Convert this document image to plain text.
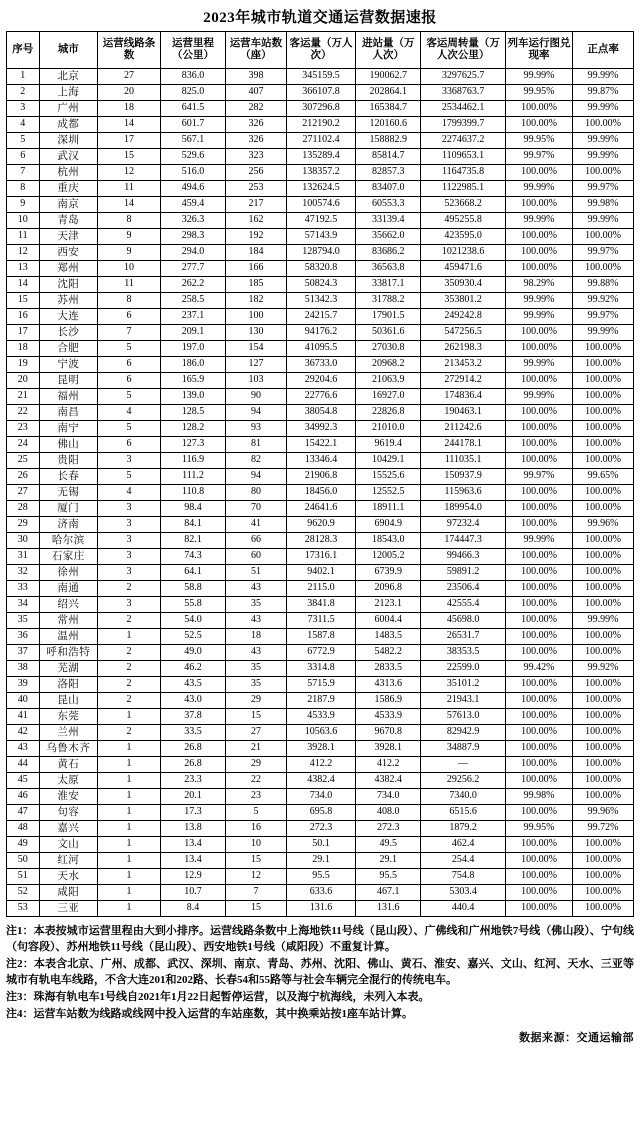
2023年城市轨道交通运营数据速报
序号	城市	运营线路条数	运营里程（公里）	运营车站数（座）	客运量（万人次）	进站量（万人次）	客运周转量（万人次公里）	列车运行图兑现率	正点率
1	北京	27	836.0	398	345159.5	190062.7	3297625.7	99.99%	99.99%
2	上海	20	825.0	407	366107.8	202864.1	3368763.7	99.95%	99.87%
3	广州	18	641.5	282	307296.8	165384.7	2534462.1	100.00%	99.99%
4	成都	14	601.7	326	212190.2	120160.6	1799399.7	100.00%	100.00%
5	深圳	17	567.1	326	271102.4	158882.9	2274637.2	99.95%	99.99%
6	武汉	15	529.6	323	135289.4	85814.7	1109653.1	99.97%	99.99%
7	杭州	12	516.0	256	138357.2	82857.3	1164735.8	100.00%	100.00%
8	重庆	11	494.6	253	132624.5	83407.0	1122985.1	99.99%	99.97%
9	南京	14	459.4	217	100574.6	60553.3	523668.2	100.00%	99.98%
10	青岛	8	326.3	162	47192.5	33139.4	495255.8	99.99%	99.99%
11	天津	9	298.3	192	57143.9	35662.0	423595.0	100.00%	100.00%
12	西安	9	294.0	184	128794.0	83686.2	1021238.6	100.00%	99.97%
13	郑州	10	277.7	166	58320.8	36563.8	459471.6	100.00%	100.00%
14	沈阳	11	262.2	185	50824.3	33817.1	350930.4	98.29%	99.88%
15	苏州	8	258.5	182	51342.3	31788.2	353801.2	99.99%	99.92%
16	大连	6	237.1	100	24215.7	17901.5	249242.8	99.99%	99.97%
17	长沙	7	209.1	130	94176.2	50361.6	547256.5	100.00%	99.99%
18	合肥	5	197.0	154	41095.5	27030.8	262198.3	100.00%	100.00%
19	宁波	6	186.0	127	36733.0	20968.2	213453.2	99.99%	100.00%
20	昆明	6	165.9	103	29204.6	21063.9	272914.2	100.00%	100.00%
21	福州	5	139.0	90	22776.6	16927.0	174836.4	99.99%	100.00%
22	南昌	4	128.5	94	38054.8	22826.8	190463.1	100.00%	100.00%
23	南宁	5	128.2	93	34992.3	21010.0	211242.6	100.00%	100.00%
24	佛山	6	127.3	81	15422.1	9619.4	244178.1	100.00%	100.00%
25	贵阳	3	116.9	82	13346.4	10429.1	111035.1	100.00%	100.00%
26	长春	5	111.2	94	21906.8	15525.6	150937.9	99.97%	99.65%
27	无锡	4	110.8	80	18456.0	12552.5	115963.6	100.00%	100.00%
28	厦门	3	98.4	70	24641.6	18911.1	189954.0	100.00%	100.00%
29	济南	3	84.1	41	9620.9	6904.9	97232.4	100.00%	99.96%
30	哈尔滨	3	82.1	66	28128.3	18543.0	174447.3	99.99%	100.00%
31	石家庄	3	74.3	60	17316.1	12005.2	99466.3	100.00%	100.00%
32	徐州	3	64.1	51	9402.1	6739.9	59891.2	100.00%	100.00%
33	南通	2	58.8	43	2115.0	2096.8	23506.4	100.00%	100.00%
34	绍兴	3	55.8	35	3841.8	2123.1	42555.4	100.00%	100.00%
35	常州	2	54.0	43	7311.5	6004.4	45698.0	100.00%	99.99%
36	温州	1	52.5	18	1587.8	1483.5	26531.7	100.00%	100.00%
37	呼和浩特	2	49.0	43	6772.9	5482.2	38353.5	100.00%	100.00%
38	芜湖	2	46.2	35	3314.8	2833.5	22599.0	99.42%	99.92%
39	洛阳	2	43.5	35	5715.9	4313.6	35101.2	100.00%	100.00%
40	昆山	2	43.0	29	2187.9	1586.9	21943.1	100.00%	100.00%
41	东莞	1	37.8	15	4533.9	4533.9	57613.0	100.00%	100.00%
42	兰州	2	33.5	27	10563.6	9670.8	82942.9	100.00%	100.00%
43	乌鲁木齐	1	26.8	21	3928.1	3928.1	34887.9	100.00%	100.00%
44	黄石	1	26.8	29	412.2	412.2	—	100.00%	100.00%
45	太原	1	23.3	22	4382.4	4382.4	29256.2	100.00%	100.00%
46	淮安	1	20.1	23	734.0	734.0	7340.0	99.98%	100.00%
47	句容	1	17.3	5	695.8	408.0	6515.6	100.00%	99.96%
48	嘉兴	1	13.8	16	272.3	272.3	1879.2	99.95%	99.72%
49	文山	1	13.4	10	50.1	49.5	462.4	100.00%	100.00%
50	红河	1	13.4	15	29.1	29.1	254.4	100.00%	100.00%
51	天水	1	12.9	12	95.5	95.5	754.8	100.00%	100.00%
52	咸阳	1	10.7	7	633.6	467.1	5303.4	100.00%	100.00%
53	三亚	1	8.4	15	131.6	131.6	440.4	100.00%	100.00%

注1：本表按城市运营里程由大到小排序。运营线路条数中上海地铁11号线（昆山段）、广佛线和广州地铁7号线（佛山段）、宁句线（句容段）、苏州地铁11号线（昆山段）、西安地铁1号线（咸阳段）不重复计算。

注2：本表含北京、广州、成都、武汉、深圳、南京、青岛、苏州、沈阳、佛山、黄石、淮安、嘉兴、文山、红河、天水、三亚等城市有轨电车线路，不含大连201和202路、长春54和55路等与社会车辆完全混行的传统电车。

注3：珠海有轨电车1号线自2021年1月22日起暂停运营，以及海宁杭海线，未列入本表。

注4：运营车站数为线路或线网中投入运营的车站座数，其中换乘站按1座车站计算。

数据来源：交通运输部
